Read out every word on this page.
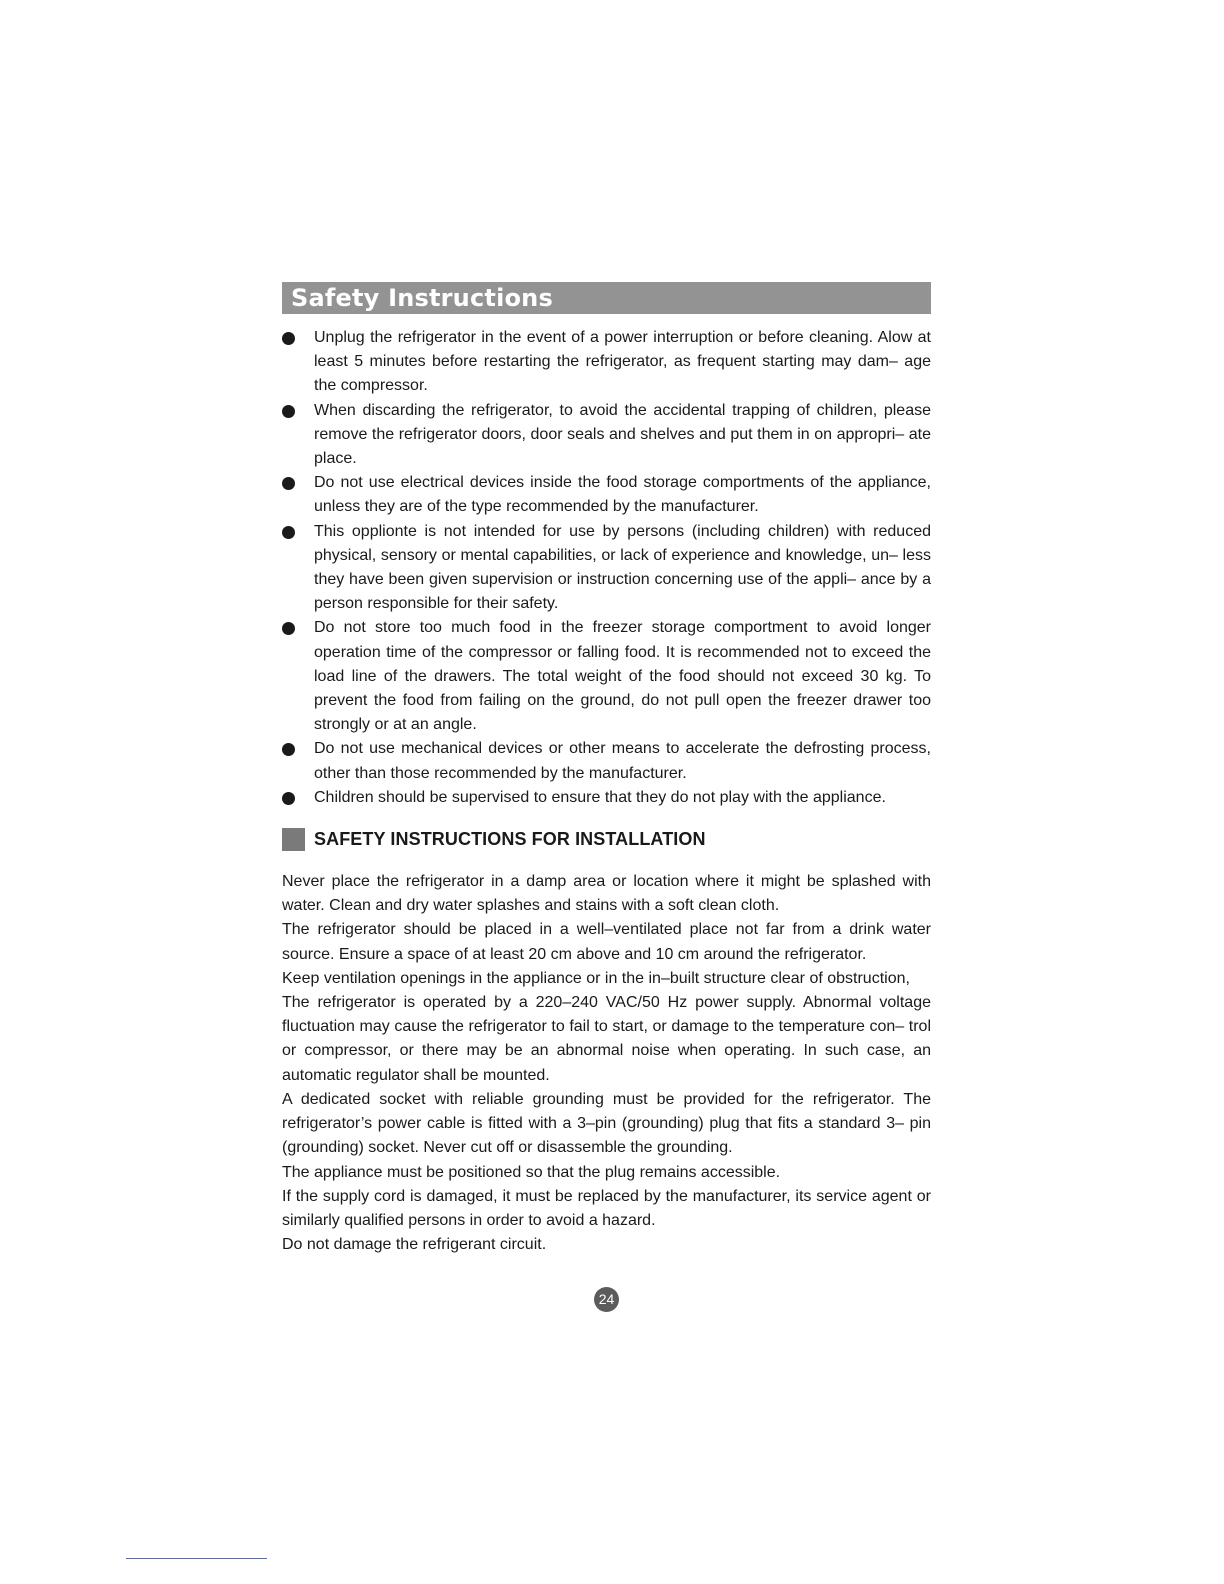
Safety Instructions
Unplug the refrigerator in the event of a power interruption or before cleaning. Alow at least 5 minutes before restarting the refrigerator, as frequent starting may dam– age the compressor.
When discarding the refrigerator, to avoid the accidental trapping of children, please remove the refrigerator doors, door seals and shelves and put them in on appropri– ate place.
Do not use electrical devices inside the food storage comportments of the appliance, unless they are of the type recommended by the manufacturer.
This opplionte is not intended for use by persons (including children) with reduced physical, sensory or mental capabilities, or lack of experience and knowledge, un– less they have been given supervision or instruction concerning use of the appli– ance by a person responsible for their safety.
Do not store too much food in the freezer storage comportment to avoid longer operation time of the compressor or falling food. It is recommended not to exceed the load line of the drawers. The total weight of the food should not exceed 30 kg. To prevent the food from failing on the ground, do not pull open the freezer drawer too strongly or at an angle.
Do not use mechanical devices or other means to accelerate the defrosting process, other than those recommended by the manufacturer.
Children should be supervised to ensure that they do not play with the appliance.
SAFETY INSTRUCTIONS FOR INSTALLATION

Never place the refrigerator in a damp area or location where it might be splashed with water. Clean and dry water splashes and stains with a soft clean cloth.

The refrigerator should be placed in a well–ventilated place not far from a drink water source. Ensure a space of at least 20 cm above and 10 cm around the refrigerator.

Keep ventilation openings in the appliance or in the in–built structure clear of obstruction,

The refrigerator is operated by a 220–240 VAC/50 Hz power supply. Abnormal voltage fluctuation may cause the refrigerator to fail to start, or damage to the temperature con– trol or compressor, or there may be an abnormal noise when operating. In such case, an automatic regulator shall be mounted.

A dedicated socket with reliable grounding must be provided for the refrigerator. The refrigerator’s power cable is fitted with a 3–pin (grounding) plug that fits a standard 3– pin (grounding) socket. Never cut off or disassemble the grounding.

The appliance must be positioned so that the plug remains accessible.

If the supply cord is damaged, it must be replaced by the manufacturer, its service agent or similarly qualified persons in order to avoid a hazard.

Do not damage the refrigerant circuit.

24
